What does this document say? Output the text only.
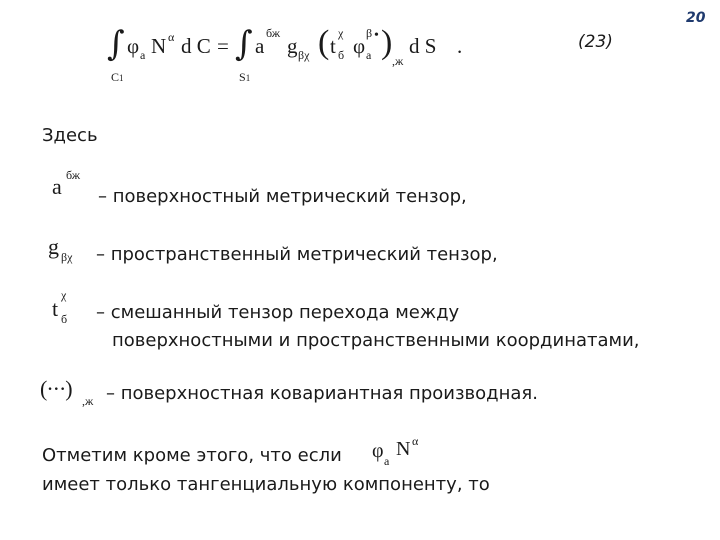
20
(23)
∫
C1
φ a N α d C = ∫
S1
a
бж
g βχ ( t
χ
б φ
β •
a ) ,ж
d S .
Здесь
a бж
– поверхностный метрический тензор,
g βχ – пространственный метрический тензор,
t
χ
б – смешанный тензор перехода между
поверхностными и пространственными координатами,
(···) ,ж – поверхностная ковариантная производная.
Отметим кроме этого, что если φ a
N α
имеет только тангенциальную компоненту, то
